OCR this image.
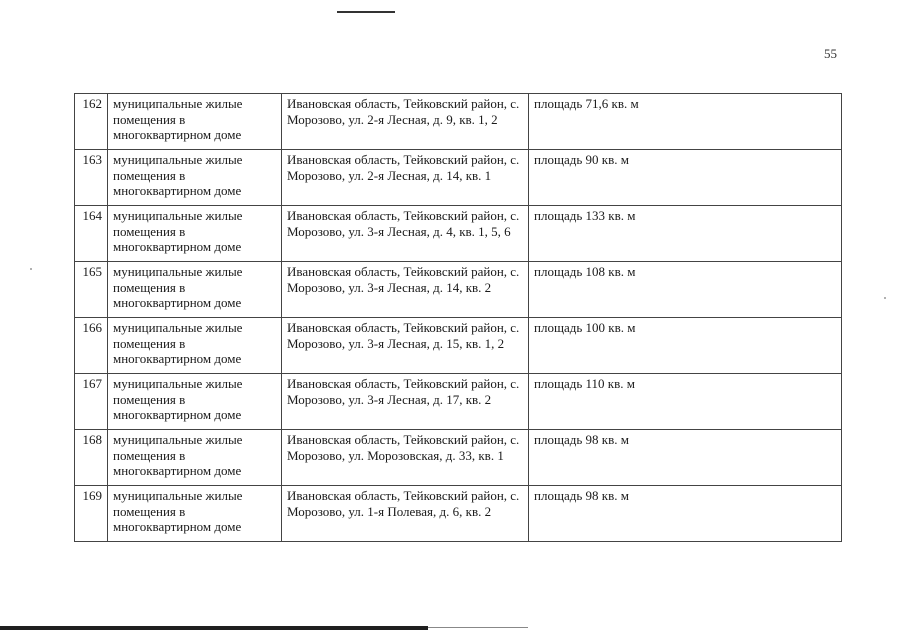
55
162	муниципальные жилые помещения в многоквартирном доме	Ивановская область, Тейковский район, с. Морозово, ул. 2-я Лесная, д. 9, кв. 1, 2	площадь 71,6 кв. м
163	муниципальные жилые помещения в многоквартирном доме	Ивановская область, Тейковский район, с. Морозово, ул. 2-я Лесная, д. 14, кв. 1	площадь 90 кв. м
164	муниципальные жилые помещения в многоквартирном доме	Ивановская область, Тейковский район, с. Морозово, ул. 3-я Лесная, д. 4, кв. 1, 5, 6	площадь 133 кв. м
165	муниципальные жилые помещения в многоквартирном доме	Ивановская область, Тейковский район, с. Морозово, ул. 3-я Лесная, д. 14, кв. 2	площадь 108 кв. м
166	муниципальные жилые помещения в многоквартирном доме	Ивановская область, Тейковский район, с. Морозово, ул. 3-я Лесная, д. 15, кв. 1, 2	площадь 100 кв. м
167	муниципальные жилые помещения в многоквартирном доме	Ивановская область, Тейковский район, с. Морозово, ул. 3-я Лесная, д. 17, кв. 2	площадь 110 кв. м
168	муниципальные жилые помещения в многоквартирном доме	Ивановская область, Тейковский район, с. Морозово, ул. Морозовская, д. 33, кв. 1	площадь 98 кв. м
169	муниципальные жилые помещения в многоквартирном доме	Ивановская область, Тейковский район, с. Морозово, ул. 1-я Полевая, д. 6, кв. 2	площадь 98 кв. м
